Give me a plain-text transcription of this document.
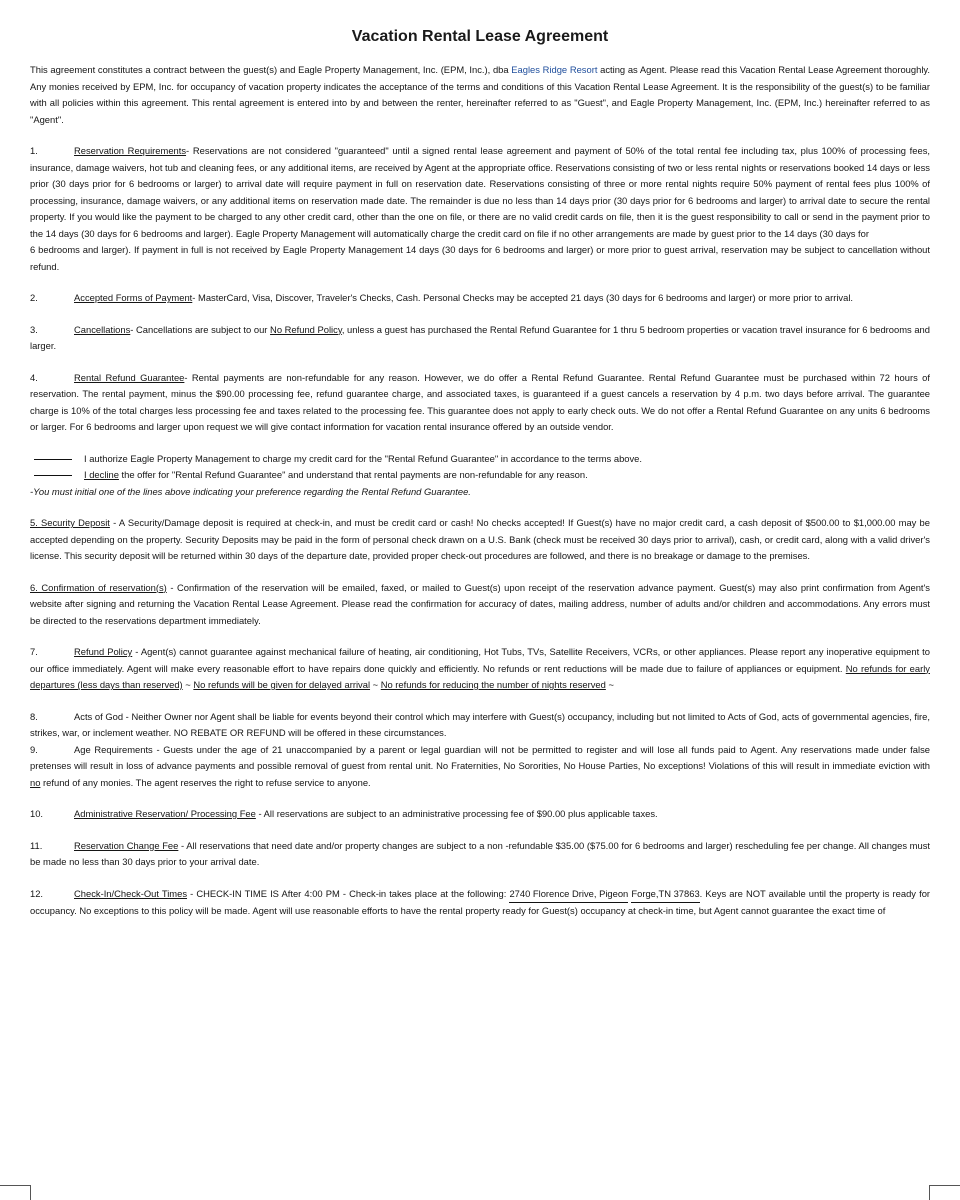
Vacation Rental Lease Agreement

This agreement constitutes a contract between the guest(s) and Eagle Property Management, Inc. (EPM, Inc.), dba Eagles Ridge Resort acting as Agent. Please read this Vacation Rental Lease Agreement thoroughly. Any monies received by EPM, Inc. for occupancy of vacation property indicates the acceptance of the terms and conditions of this Vacation Rental Lease Agreement. It is the responsibility of the guest(s) to be familiar with all policies within this agreement. This rental agreement is entered into by and between the renter, hereinafter referred to as "Guest", and Eagle Property Management, Inc. (EPM, Inc.) hereinafter referred to as "Agent".

1.	Reservation Requirements- Reservations are not considered "guaranteed" until a signed rental lease agreement and payment of 50% of the total rental fee including tax, plus 100% of processing fees, insurance, damage waivers, hot tub and cleaning fees, or any additional items, are received by Agent at the appropriate office. Reservations consisting of two or less rental nights or reservations booked 14 days or less prior (30 days prior for 6 bedrooms or larger) to arrival date will require payment in full on reservation date. Reservations consisting of three or more rental nights require 50% payment of rental fees plus 100% of processing, insurance, damage waivers, or any additional items on reservation made date. The remainder is due no less than 14 days prior (30 days prior for 6 bedrooms and larger) to arrival date to secure the rental property. If you would like the payment to be charged to any other credit card, other than the one on file, or there are no valid credit cards on file, then it is the guest responsibility to call or send in the payment prior to the 14 days (30 days for 6 bedrooms and larger). Eagle Property Management will automatically charge the credit card on file if no other arrangements are made by guest prior to the 14 days (30 days for

6 bedrooms and larger). If payment in full is not received by Eagle Property Management 14 days (30 days for 6 bedrooms and larger) or more prior to guest arrival, reservation may be subject to cancellation without refund.

2.	Accepted Forms of Payment- MasterCard, Visa, Discover, Traveler's Checks, Cash. Personal Checks may be accepted 21 days (30 days for 6 bedrooms and larger) or more prior to arrival.

3.	Cancellations- Cancellations are subject to our No Refund Policy, unless a guest has purchased the Rental Refund Guarantee for 1 thru 5 bedroom properties or vacation travel insurance for 6 bedrooms and larger.

4.	Rental Refund Guarantee- Rental payments are non-refundable for any reason. However, we do offer a Rental Refund Guarantee. Rental Refund Guarantee must be purchased within 72 hours of reservation. The rental payment, minus the $90.00 processing fee, refund guarantee charge, and associated taxes, is guaranteed if a guest cancels a reservation by 4 p.m. two days before arrival. The guarantee charge is 10% of the total charges less processing fee and taxes related to the processing fee. This guarantee does not apply to early check outs. We do not offer a Rental Refund Guarantee on any units 6 bedrooms or larger. For 6 bedrooms and larger upon request we will give contact information for vacation rental insurance offered by an outside vendor.

I authorize Eagle Property Management to charge my credit card for the "Rental Refund Guarantee" in accordance to the terms above.

I decline the offer for "Rental Refund Guarantee" and understand that rental payments are non-refundable for any reason.

-You must initial one of the lines above indicating your preference regarding the Rental Refund Guarantee.

5. Security Deposit - A Security/Damage deposit is required at check-in, and must be credit card or cash! No checks accepted! If Guest(s) have no major credit card, a cash deposit of $500.00 to $1,000.00 may be accepted depending on the property. Security Deposits may be paid in the form of personal check drawn on a U.S. Bank (check must be received 30 days prior to arrival), cash, or credit card, along with a valid driver's license. This security deposit will be returned within 30 days of the departure date, provided proper check-out procedures are followed, and there is no breakage or damage to the premises.

6. Confirmation of reservation(s) - Confirmation of the reservation will be emailed, faxed, or mailed to Guest(s) upon receipt of the reservation advance payment. Guest(s) may also print confirmation from Agent's website after signing and returning the Vacation Rental Lease Agreement. Please read the confirmation for accuracy of dates, mailing address, number of adults and/or children and accommodations. Any errors must be directed to the reservations department immediately.

7.	Refund Policy - Agent(s) cannot guarantee against mechanical failure of heating, air conditioning, Hot Tubs, TVs, Satellite Receivers, VCRs, or other appliances. Please report any inoperative equipment to our office immediately. Agent will make every reasonable effort to have repairs done quickly and efficiently. No refunds or rent reductions will be made due to failure of appliances or equipment. No refunds for early departures (less days than reserved) ~ No refunds will be given for delayed arrival ~ No refunds for reducing the number of nights reserved ~

8.	Acts of God - Neither Owner nor Agent shall be liable for events beyond their control which may interfere with Guest(s) occupancy, including but not limited to Acts of God, acts of governmental agencies, fire, strikes, war, or inclement weather. NO REBATE OR REFUND will be offered in these circumstances.

9.	Age Requirements - Guests under the age of 21 unaccompanied by a parent or legal guardian will not be permitted to register and will lose all funds paid to Agent. Any reservations made under false pretenses will result in loss of advance payments and possible removal of guest from rental unit. No Fraternities, No Sororities, No House Parties, No exceptions! Violations of this will result in immediate eviction with no refund of any monies. The agent reserves the right to refuse service to anyone.

10.	Administrative Reservation/ Processing Fee - All reservations are subject to an administrative processing fee of $90.00 plus applicable taxes.

11.	Reservation Change Fee - All reservations that need date and/or property changes are subject to a non -refundable $35.00 ($75.00 for 6 bedrooms and larger) rescheduling fee per change. All changes must be made no less than 30 days prior to your arrival date.

12.	Check-In/Check-Out Times - CHECK-IN TIME IS After 4:00 PM - Check-in takes place at the following: 2740 Florence Drive, Pigeon Forge,TN 37863. Keys are NOT available until the property is ready for occupancy. No exceptions to this policy will be made. Agent will use reasonable efforts to have the rental property ready for Guest(s) occupancy at check-in time, but Agent cannot guarantee the exact time of
